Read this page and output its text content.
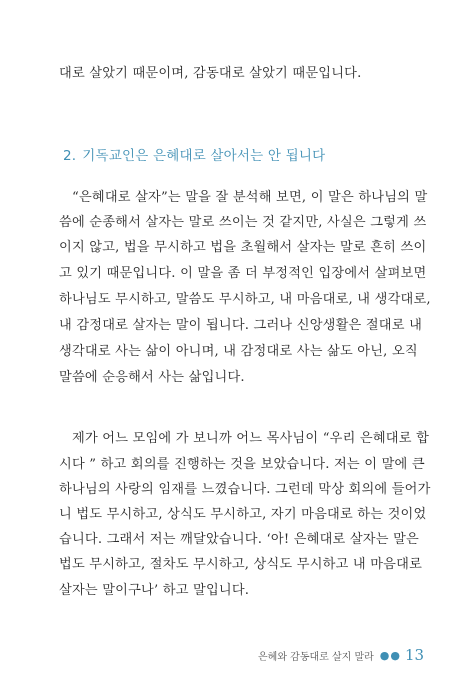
대로 살았기 때문이며, 감동대로 살았기 때문입니다.
2. 기독교인은 은혜대로 살아서는 안 됩니다
“은혜대로 살자”는 말을 잘 분석해 보면, 이 말은 하나님의 말
씀에 순종해서 살자는 말로 쓰이는 것 같지만, 사실은 그렇게 쓰
이지 않고, 법을 무시하고 법을 초월해서 살자는 말로 흔히 쓰이
고 있기 때문입니다. 이 말을 좀 더 부정적인 입장에서 살펴보면
하나님도 무시하고, 말씀도 무시하고, 내 마음대로, 내 생각대로,
내 감정대로 살자는 말이 됩니다. 그러나 신앙생활은 절대로 내
생각대로 사는 삶이 아니며, 내 감정대로 사는 삶도 아닌, 오직
말씀에 순응해서 사는 삶입니다.
제가 어느 모임에 가 보니까 어느 목사님이 “우리 은혜대로 합
시다 ” 하고 회의를 진행하는 것을 보았습니다. 저는 이 말에 큰
하나님의 사랑의 임재를 느꼈습니다. 그런데 막상 회의에 들어가
니 법도 무시하고, 상식도 무시하고, 자기 마음대로 하는 것이었
습니다. 그래서 저는 깨달았습니다. ‘아! 은혜대로 살자는 말은
법도 무시하고, 절차도 무시하고, 상식도 무시하고 내 마음대로
살자는 말이구나’ 하고 말입니다.
은혜와 감동대로 살지 말라 ●● 13
